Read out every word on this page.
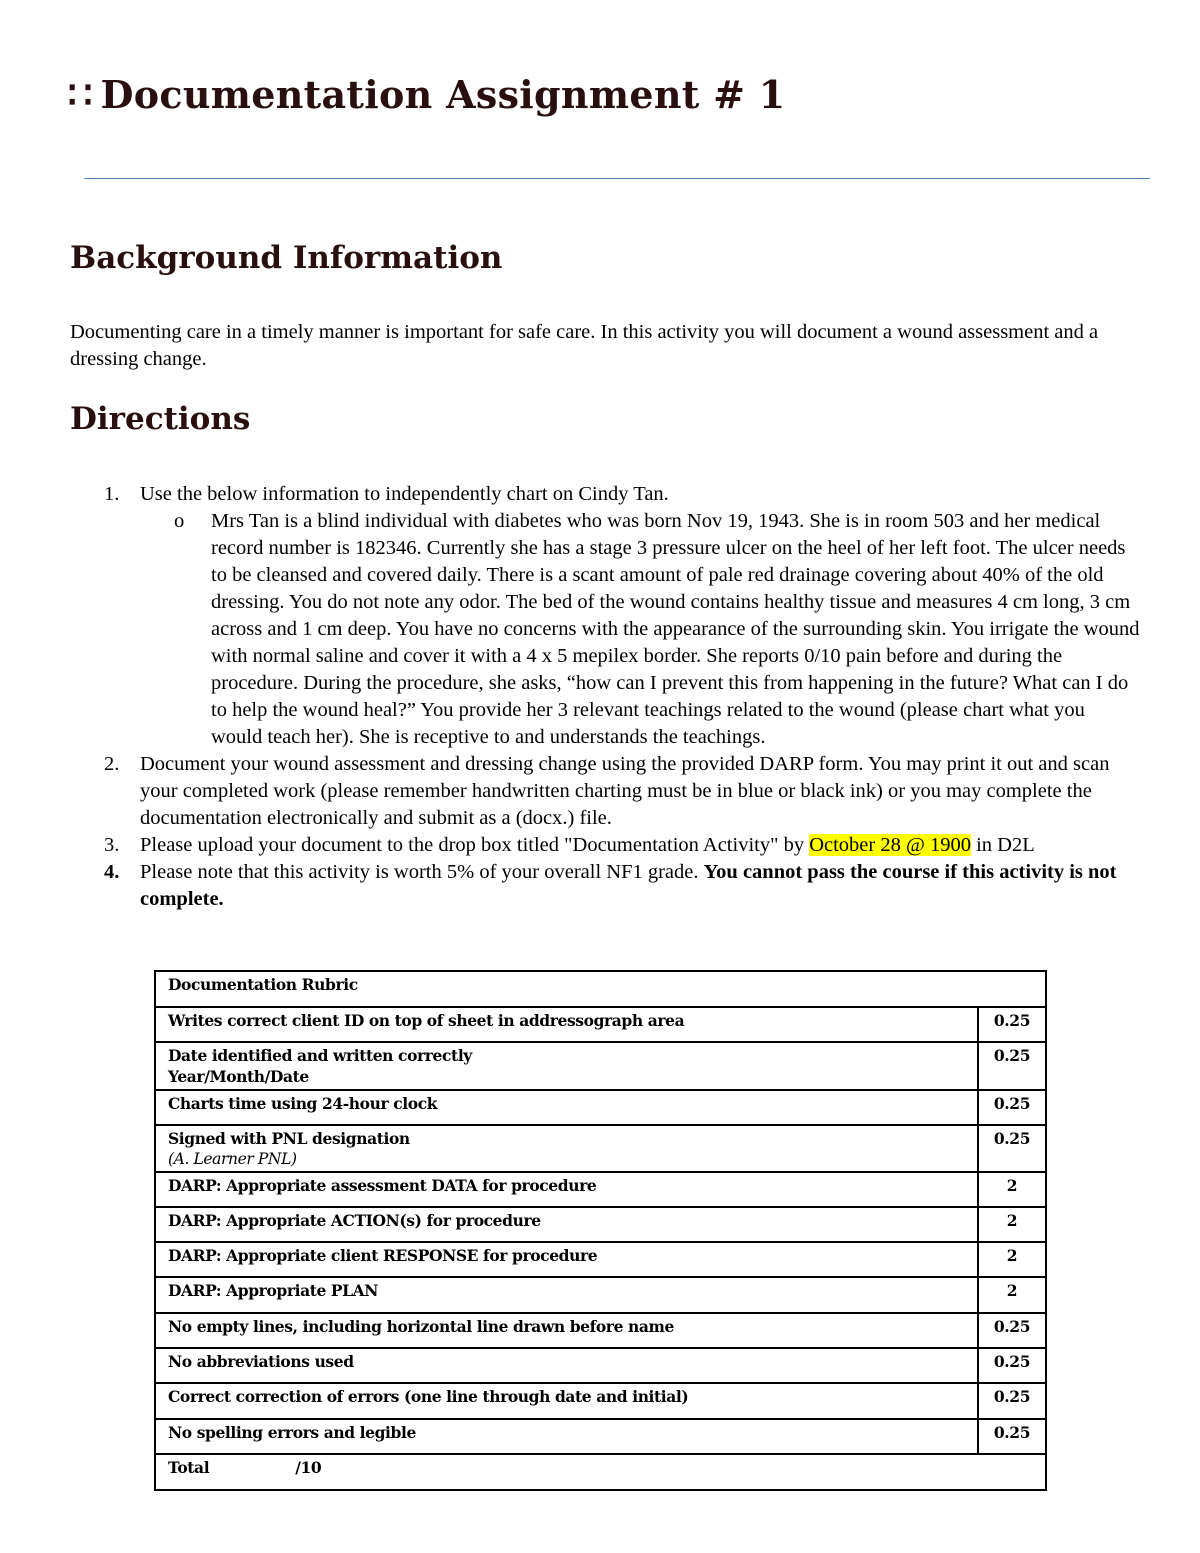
∷ Documentation Assignment # 1
Background Information

Documenting care in a timely manner is important for safe care. In this activity you will document a wound assessment and a dressing change.

Directions
1. Use the below information to independently chart on Cindy Tan.

o Mrs Tan is a blind individual with diabetes who was born Nov 19, 1943. She is in room 503 and her medical record number is 182346. Currently she has a stage 3 pressure ulcer on the heel of her left foot. The ulcer needs to be cleansed and covered daily. There is a scant amount of pale red drainage covering about 40% of the old dressing. You do not note any odor. The bed of the wound contains healthy tissue and measures 4 cm long, 3 cm across and 1 cm deep. You have no concerns with the appearance of the surrounding skin. You irrigate the wound with normal saline and cover it with a 4 x 5 mepilex border. She reports 0/10 pain before and during the procedure. During the procedure, she asks, “how can I prevent this from happening in the future? What can I do to help the wound heal?” You provide her 3 relevant teachings related to the wound (please chart what you would teach her). She is receptive to and understands the teachings.

2. Document your wound assessment and dressing change using the provided DARP form. You may print it out and scan your completed work (please remember handwritten charting must be in blue or black ink) or you may complete the documentation electronically and submit as a (docx.) file.
3. Please upload your document to the drop box titled "Documentation Activity" by October 28 @ 1900 in D2L
4. Please note that this activity is worth 5% of your overall NF1 grade. You cannot pass the course if this activity is not complete.
Documentation Rubric	
Writes correct client ID on top of sheet in addressograph area	0.25

Date identified and written correctly
Year/Month/Date	0.25
Charts time using 24-hour clock	0.25

Signed with PNL designation
(A. Learner PNL)	0.25
DARP: Appropriate assessment DATA for procedure	2
DARP: Appropriate ACTION(s) for procedure	2
DARP: Appropriate client RESPONSE for procedure	2
DARP: Appropriate PLAN	2
No empty lines, including horizontal line drawn before name	0.25
No abbreviations used	0.25
Correct correction of errors (one line through date and initial)	0.25
No spelling errors and legible	0.25
Total /10	
